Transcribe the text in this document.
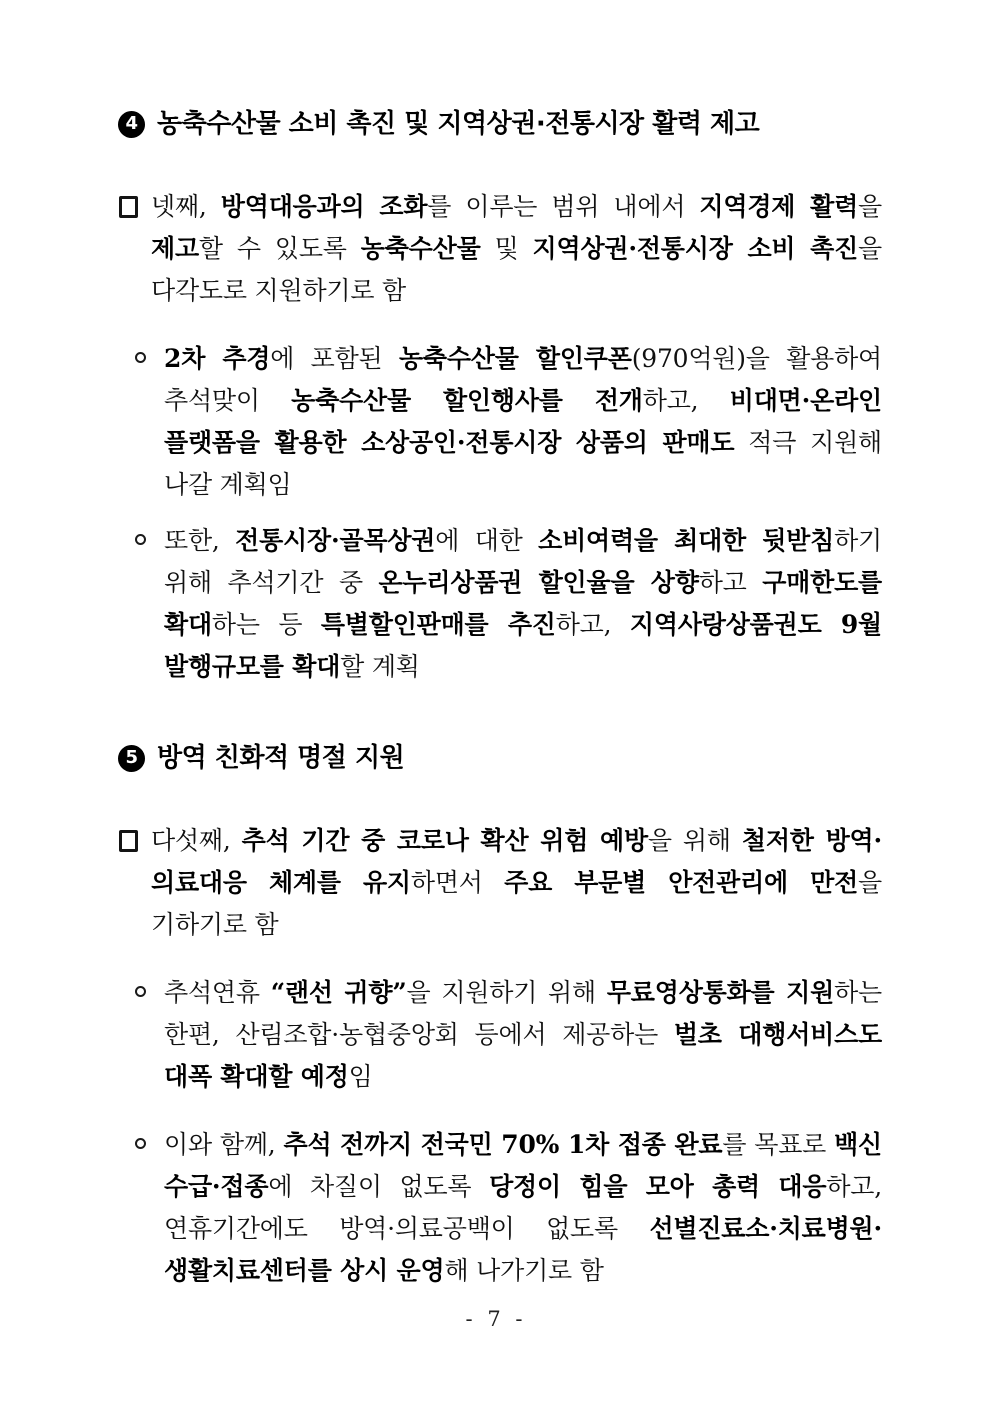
4 농축수산물 소비 촉진 및 지역상권·전통시장 활력 제고
넷째, 방역대응과의 조화를 이루는 범위 내에서 지역경제 활력을 제고할 수 있도록 농축수산물 및 지역상권·전통시장 소비 촉진을 다각도로 지원하기로 함
2차 추경에 포함된 농축수산물 할인쿠폰(970억원)을 활용하여 추석맞이 농축수산물 할인행사를 전개하고, 비대면·온라인 플랫폼을 활용한 소상공인·전통시장 상품의 판매도 적극 지원해 나갈 계획임
또한, 전통시장·골목상권에 대한 소비여력을 최대한 뒷받침하기 위해 추석기간 중 온누리상품권 할인율을 상향하고 구매한도를 확대하는 등 특별할인판매를 추진하고, 지역사랑상품권도 9월 발행규모를 확대할 계획
5 방역 친화적 명절 지원
다섯째, 추석 기간 중 코로나 확산 위험 예방을 위해 철저한 방역·의료대응 체계를 유지하면서 주요 부문별 안전관리에 만전을 기하기로 함
추석연휴 “랜선 귀향”을 지원하기 위해 무료영상통화를 지원하는 한편, 산림조합·농협중앙회 등에서 제공하는 벌초 대행서비스도 대폭 확대할 예정임
이와 함께, 추석 전까지 전국민 70% 1차 접종 완료를 목표로 백신 수급·접종에 차질이 없도록 당정이 힘을 모아 총력 대응하고, 연휴기간에도 방역·의료공백이 없도록 선별진료소·치료병원·생활치료센터를 상시 운영해 나가기로 함
- 7 -
